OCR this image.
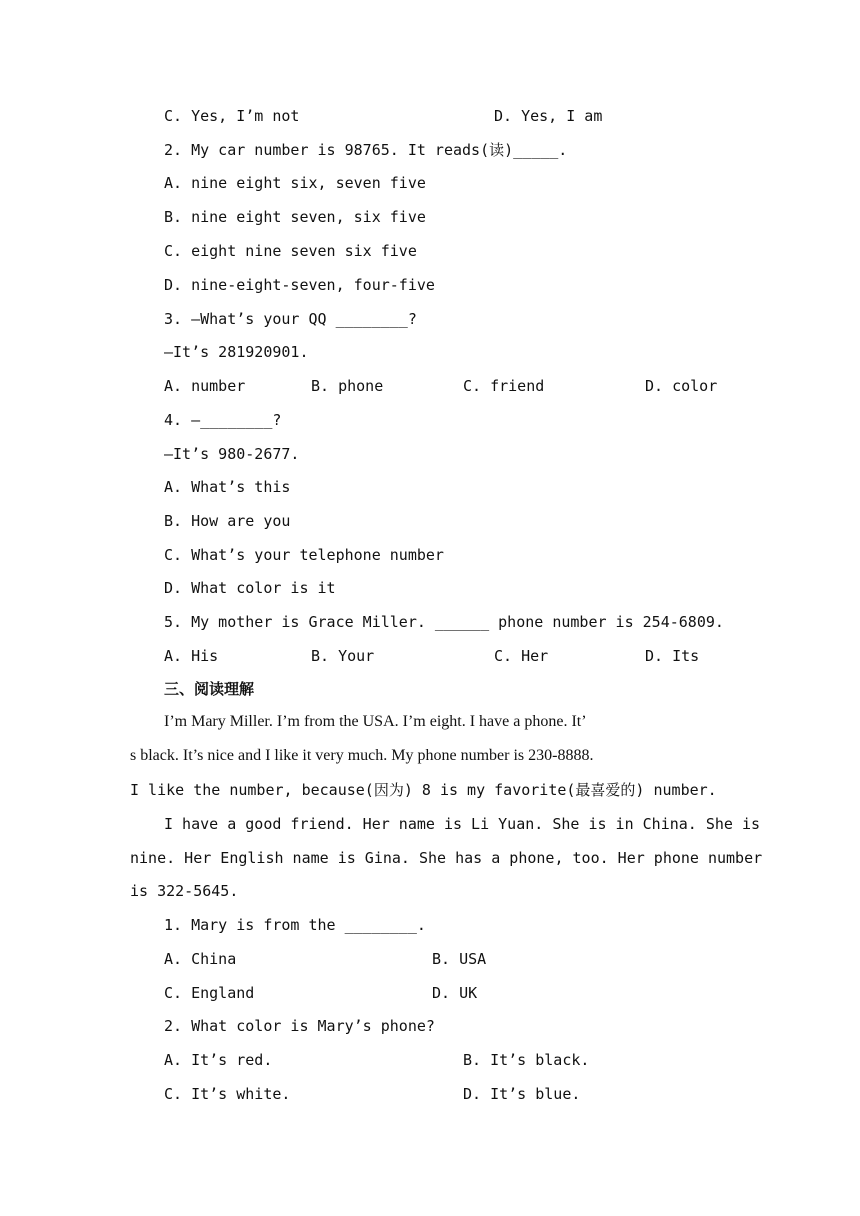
C. Yes, I’m not	D. Yes, I am
2. My car number is 98765. It reads(读)_____.
A. nine eight six, seven five
B. nine eight seven, six five
C. eight nine seven six five
D. nine-eight-seven, four-five
3. —What’s your QQ ________?
—It’s 281920901.
A. number	B. phone	C. friend	D. color
4. —________?
—It’s 980-2677.
A. What’s this
B. How are you
C. What’s your telephone number
D. What color is it
5. My mother is Grace Miller. ______ phone number is 254-6809.
A. His	B. Your	C. Her	D. Its
三、阅读理解
I’m Mary Miller. I’m from the USA. I’m eight. I have a phone. It’
s black. It’s nice and I like it very much. My phone number is 230-8888.
I like the number, because(因为) 8 is my favorite(最喜爱的) number.
I have a good friend. Her name is Li Yuan. She is in China. She is
nine. Her English name is Gina. She has a phone, too. Her phone number
is 322-5645.
1. Mary is from the ________.
A. China	B. USA
C. England	D. UK
2. What color is Mary’s phone?
A. It’s red.	B. It’s black.
C. It’s white.	D. It’s blue.
